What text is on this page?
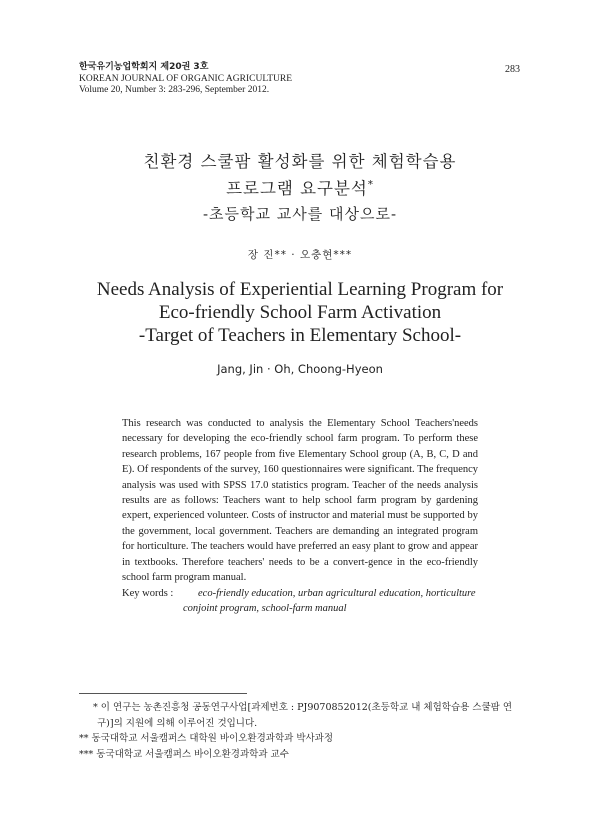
한국유기농업학회지 제20권 3호
KOREAN JOURNAL OF ORGANIC AGRICULTURE
Volume 20, Number 3: 283-296, September 2012.
283
친환경 스쿨팜 활성화를 위한 체험학습용
프로그램 요구분석*
-초등학교 교사를 대상으로-
장 진** · 오충현***
Needs Analysis of Experiential Learning Program for
Eco-friendly School Farm Activation
-Target of Teachers in Elementary School-
Jang, Jin · Oh, Choong-Hyeon
This research was conducted to analysis the Elementary School Teachers'needs necessary for developing the eco-friendly school farm program. To perform these research problems, 167 people from five Elementary School group (A, B, C, D and E). Of respondents of the survey, 160 questionnaires were significant. The frequency analysis was used with SPSS 17.0 statistics program. Teacher of the needs analysis results are as follows: Teachers want to help school farm program by gardening expert, experienced volunteer. Costs of instructor and material must be supported by the government, local government. Teachers are demanding an integrated program for horticulture. The teachers would have preferred an easy plant to grow and appear in textbooks. Therefore teachers' needs to be a convert-gence in the eco-friendly school farm program manual.
Key words : eco-friendly education, urban agricultural education, horticulture
conjoint program, school-farm manual
* 이 연구는 농촌진흥청 공동연구사업[과제번호 : PJ9070852012(초등학교 내 체험학습용 스쿨팜 연
구)]의 지원에 의해 이루어진 것입니다.
** 동국대학교 서울캠퍼스 대학원 바이오환경과학과 박사과정
*** 동국대학교 서울캠퍼스 바이오환경과학과 교수
